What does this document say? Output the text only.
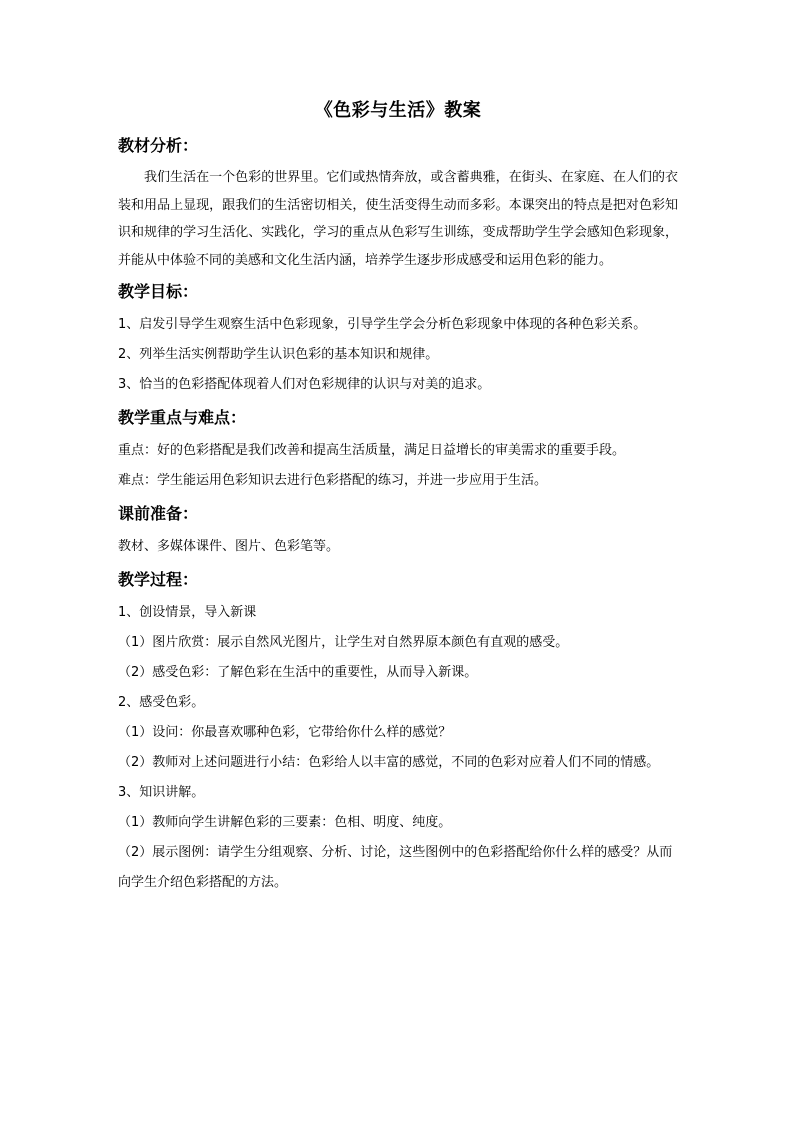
《色彩与生活》教案
教材分析：

我们生活在一个色彩的世界里。它们或热情奔放，或含蓄典雅，在街头、在家庭、在人们的衣装和用品上显现，跟我们的生活密切相关，使生活变得生动而多彩。本课突出的特点是把对色彩知识和规律的学习生活化、实践化，学习的重点从色彩写生训练，变成帮助学生学会感知色彩现象，并能从中体验不同的美感和文化生活内涵，培养学生逐步形成感受和运用色彩的能力。

教学目标：

1、启发引导学生观察生活中色彩现象，引导学生学会分析色彩现象中体现的各种色彩关系。

2、列举生活实例帮助学生认识色彩的基本知识和规律。

3、恰当的色彩搭配体现着人们对色彩规律的认识与对美的追求。

教学重点与难点：

重点：好的色彩搭配是我们改善和提高生活质量，满足日益增长的审美需求的重要手段。

难点：学生能运用色彩知识去进行色彩搭配的练习，并进一步应用于生活。

课前准备：

教材、多媒体课件、图片、色彩笔等。

教学过程：

1、创设情景，导入新课

（1）图片欣赏：展示自然风光图片，让学生对自然界原本颜色有直观的感受。

（2）感受色彩：了解色彩在生活中的重要性，从而导入新课。

2、感受色彩。

（1）设问：你最喜欢哪种色彩，它带给你什么样的感觉？

（2）教师对上述问题进行小结：色彩给人以丰富的感觉，不同的色彩对应着人们不同的情感。

3、知识讲解。

（1）教师向学生讲解色彩的三要素：色相、明度、纯度。

（2）展示图例：请学生分组观察、分析、讨论，这些图例中的色彩搭配给你什么样的感受？从而向学生介绍色彩搭配的方法。
